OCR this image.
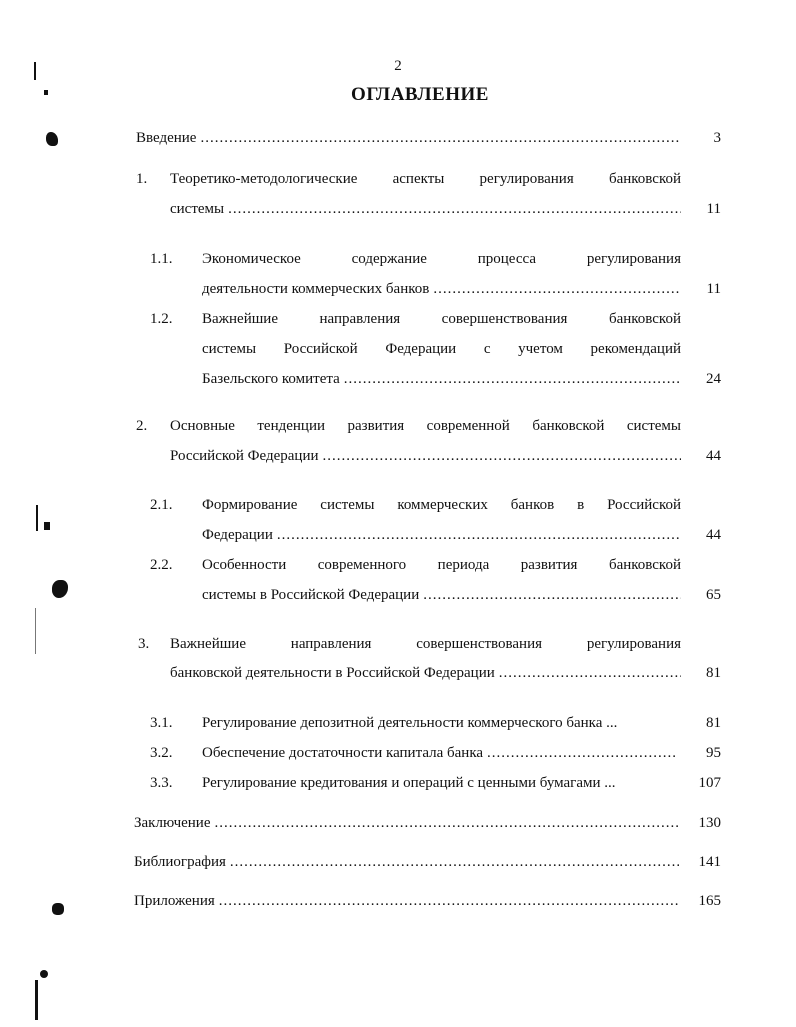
2
ОГЛАВЛЕНИЕ
Введение .....	3
1. Теоретико-методологические аспекты регулирования банковской
системы .....	11
1.1. Экономическое содержание процесса регулирования
деятельности коммерческих банков .....	11
1.2. Важнейшие направления совершенствования банковской
системы Российской Федерации с учетом рекомендаций
Базельского комитета .....	24
2. Основные тенденции развития современной банковской системы
Российской Федерации .....	44
2.1. Формирование системы коммерческих банков в Российской
Федерации .....	44
2.2. Особенности современного периода развития банковской
системы в Российской Федерации .....	65
3. Важнейшие направления совершенствования регулирования
банковской деятельности в Российской Федерации .....	81
3.1. Регулирование депозитной деятельности коммерческого банка ...	81
3.2. Обеспечение достаточности капитала банка .....	95
3.3. Регулирование кредитования и операций с ценными бумагами ...	107
Заключение .....	130
Библиография .....	141
Приложения .....	165
